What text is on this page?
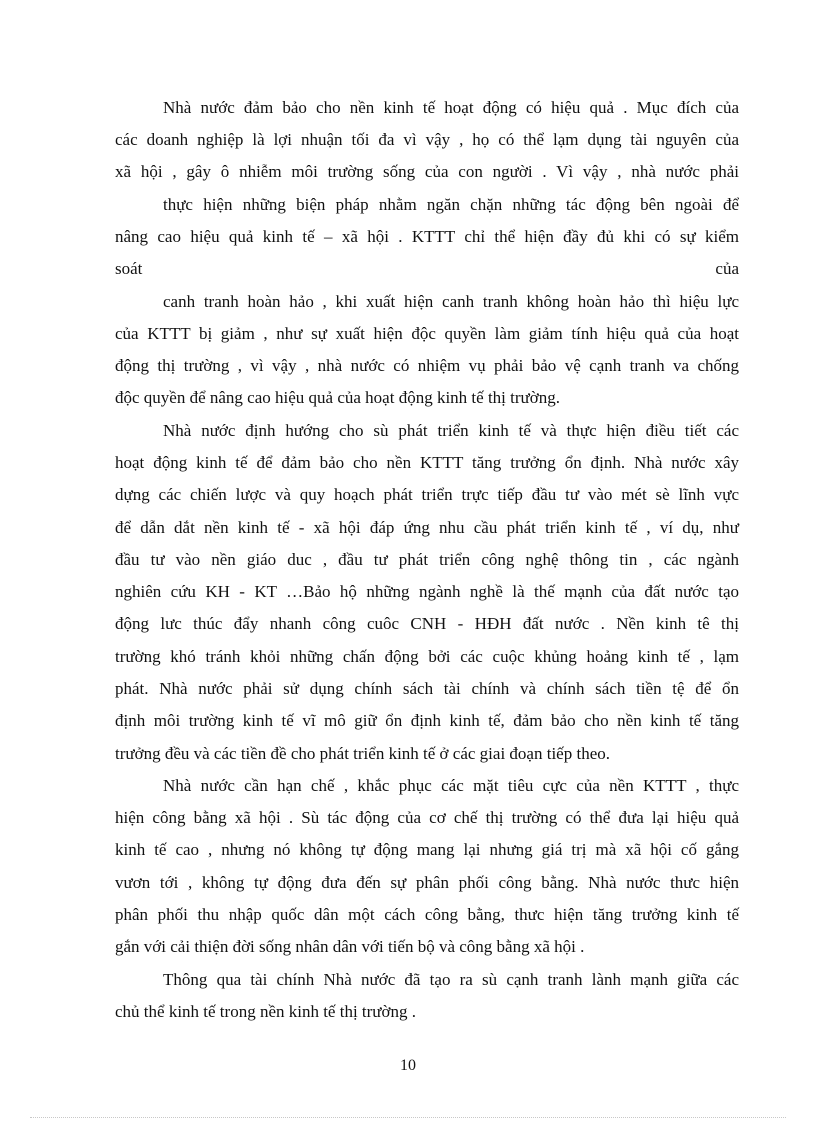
Nhà nước đảm bảo cho nền kinh tế hoạt động có hiệu quả . Mục đích của
các doanh nghiệp là lợi nhuận tối đa vì vậy , họ có thể lạm dụng tài nguyên của
xã hội , gây ô nhiễm môi trường sống của con người . Vì vậy , nhà nước phải
thực hiện những biện pháp nhằm ngăn chặn những tác động bên ngoài để
nâng cao hiệu quả kinh tế – xã hội . KTTT chỉ thể hiện đầy đủ khi có sự kiểm
soát	của
canh tranh hoàn hảo , khi xuất hiện canh tranh không hoàn hảo thì hiệu lực
của KTTT bị giảm , như sự xuất hiện độc quyền làm giảm tính hiệu quả của hoạt
động thị trường , vì vậy , nhà nước có nhiệm vụ phải bảo vệ cạnh tranh va chống
độc quyền để nâng cao hiệu quả của hoạt động kinh tế thị trường.
Nhà nước định hướng cho sù phát triển kinh tế và thực hiện điều tiết các
hoạt động kinh tế để đảm bảo cho nền KTTT tăng trưởng ổn định. Nhà nước xây
dựng các chiến lược và quy hoạch phát triển trực tiếp đầu tư vào mét sè lĩnh vực
để dẫn dắt nền kinh tế - xã hội đáp ứng nhu cầu phát triển kinh tế , ví dụ, như
đầu tư vào nền giáo duc , đầu tư phát triển công nghệ thông tin , các ngành
nghiên cứu KH - KT …Bảo hộ những ngành nghề là thế mạnh của đất nước tạo
động lưc thúc đẩy nhanh công cuôc CNH - HĐH đất nước . Nền kinh tê thị
trường khó tránh khỏi những chấn động bởi các cuộc khủng hoảng kinh tế , lạm
phát. Nhà nước phải sử dụng chính sách tài chính và chính sách tiền tệ để ổn
định môi trường kinh tế vĩ mô giữ ổn định kinh tế, đảm bảo cho nền kinh tế tăng
trưởng đều và các tiền đề cho phát triển kinh tế ở các giai đoạn tiếp theo.
Nhà nước cần hạn chế , khắc phục các mặt tiêu cực của nền KTTT , thực
hiện công bằng xã hội . Sù tác động của cơ chế thị trường có thể đưa lại hiệu quả
kinh tế cao , nhưng nó không tự động mang lại nhưng giá trị mà xã hội cố gắng
vươn tới , không tự động đưa đến sự phân phối công bằng. Nhà nước thưc hiện
phân phối thu nhập quốc dân một cách công bằng, thưc hiện tăng trưởng kinh tế
gắn với cải thiện đời sống nhân dân với tiến bộ và công bằng xã hội .
Thông qua tài chính Nhà nước đã tạo ra sù cạnh tranh lành mạnh giữa các
chủ thể kinh tế trong nền kinh tế thị trường .
10
